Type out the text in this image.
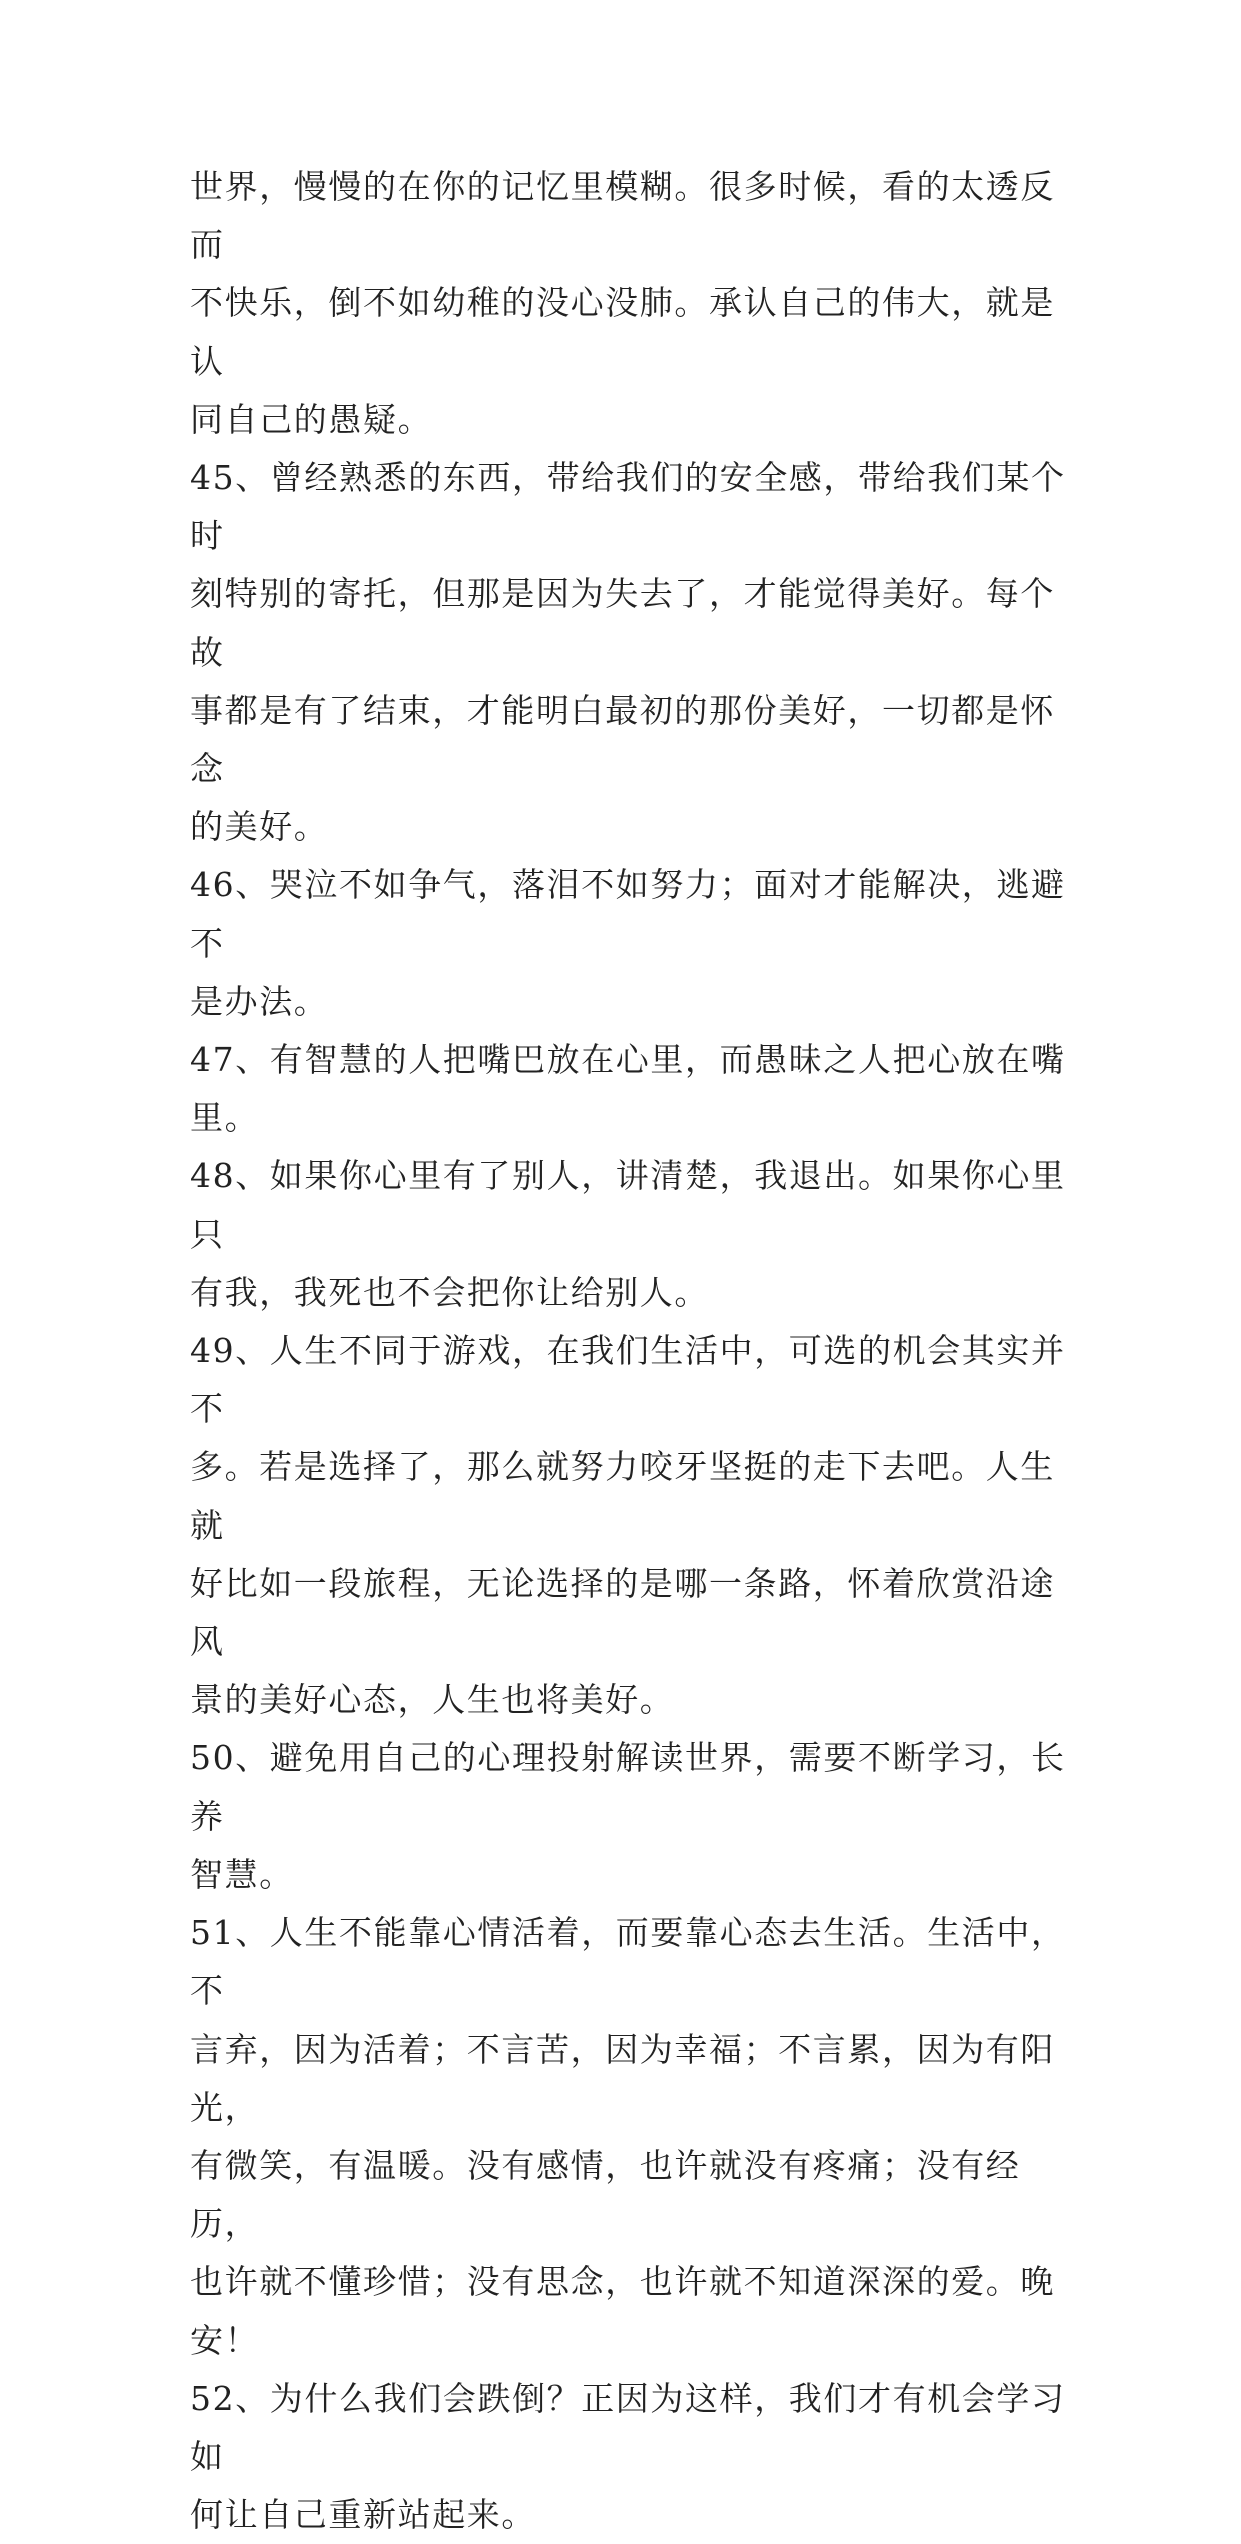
世界，慢慢的在你的记忆里模糊。很多时候，看的太透反而
不快乐，倒不如幼稚的没心没肺。承认自己的伟大，就是认
同自己的愚疑。

45、曾经熟悉的东西，带给我们的安全感，带给我们某个时
刻特别的寄托，但那是因为失去了，才能觉得美好。每个故
事都是有了结束，才能明白最初的那份美好，一切都是怀念
的美好。

46、哭泣不如争气，落泪不如努力；面对才能解决，逃避不
是办法。

47、有智慧的人把嘴巴放在心里，而愚昧之人把心放在嘴里。

48、如果你心里有了别人，讲清楚，我退出。如果你心里只
有我，我死也不会把你让给别人。

49、人生不同于游戏，在我们生活中，可选的机会其实并不
多。若是选择了，那么就努力咬牙坚挺的走下去吧。人生就
好比如一段旅程，无论选择的是哪一条路，怀着欣赏沿途风
景的美好心态，人生也将美好。

50、避免用自己的心理投射解读世界，需要不断学习，长养
智慧。

51、人生不能靠心情活着，而要靠心态去生活。生活中，不
言弃，因为活着；不言苦，因为幸福；不言累，因为有阳光，
有微笑，有温暖。没有感情，也许就没有疼痛；没有经历，
也许就不懂珍惜；没有思念，也许就不知道深深的爱。晚安！

52、为什么我们会跌倒？正因为这样，我们才有机会学习如
何让自己重新站起来。
